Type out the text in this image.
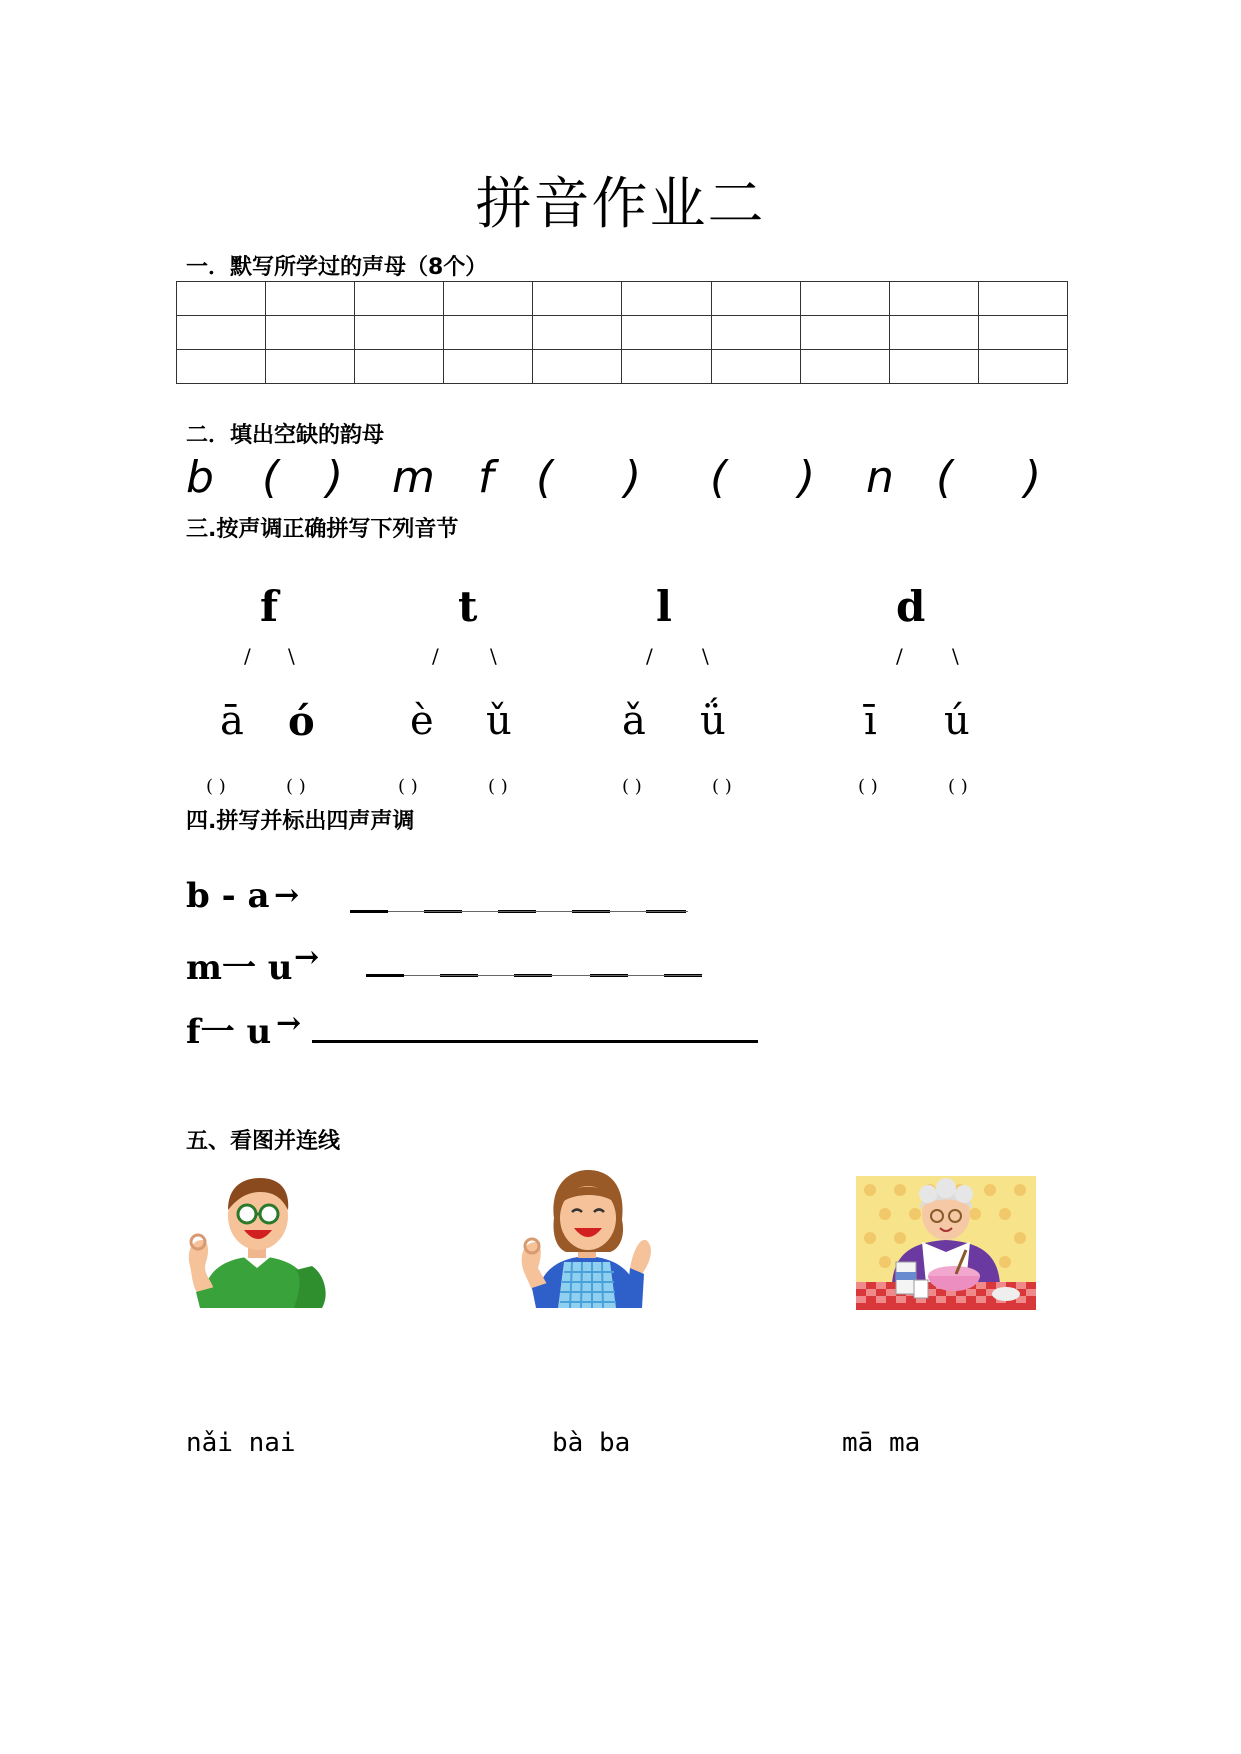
拼音作业二
一．默写所学过的声母（8个）

二．填出空缺的韵母
b ( ) m f ( ) ( ) n ( )
三.按声调正确拼写下列音节
f	t	l	d
/ \	/	\	/ \	/ \
ā ó è ǔ	ǎ ǘ	ī ú
( )	( )	( )	( )	( )	( )	( )	( )
四.拼写并标出四声声调
b - a →
m一 u →
f一 u →
五、看图并连线
nǎi nai	bà ba	mā ma
